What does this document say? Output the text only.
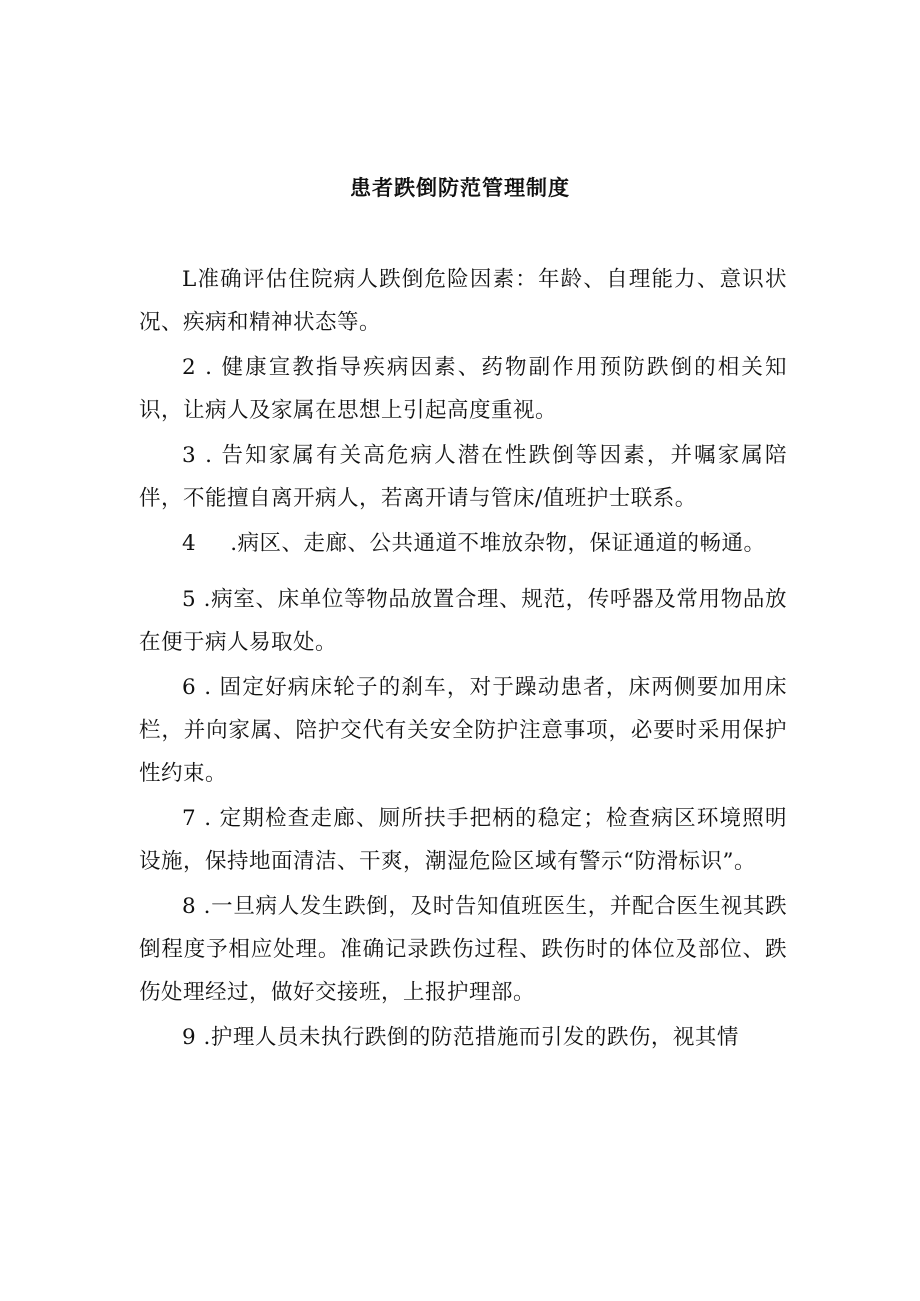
患者跌倒防范管理制度

L准确评估住院病人跌倒危险因素：年龄、自理能力、意识状况、疾病和精神状态等。

2 . 健康宣教指导疾病因素、药物副作用预防跌倒的相关知识，让病人及家属在思想上引起高度重视。

3 . 告知家属有关高危病人潜在性跌倒等因素，并嘱家属陪伴，不能擅自离开病人，若离开请与管床/值班护士联系。

4 .病区、走廊、公共通道不堆放杂物，保证通道的畅通。

5 .病室、床单位等物品放置合理、规范，传呼器及常用物品放在便于病人易取处。

6 . 固定好病床轮子的刹车，对于躁动患者，床两侧要加用床栏，并向家属、陪护交代有关安全防护注意事项，必要时采用保护性约束。

7 . 定期检查走廊、厕所扶手把柄的稳定；检查病区环境照明设施，保持地面清洁、干爽，潮湿危险区域有警示“防滑标识”。

8 .一旦病人发生跌倒，及时告知值班医生，并配合医生视其跌倒程度予相应处理。准确记录跌伤过程、跌伤时的体位及部位、跌伤处理经过，做好交接班，上报护理部。

9 .护理人员未执行跌倒的防范措施而引发的跌伤，视其情
